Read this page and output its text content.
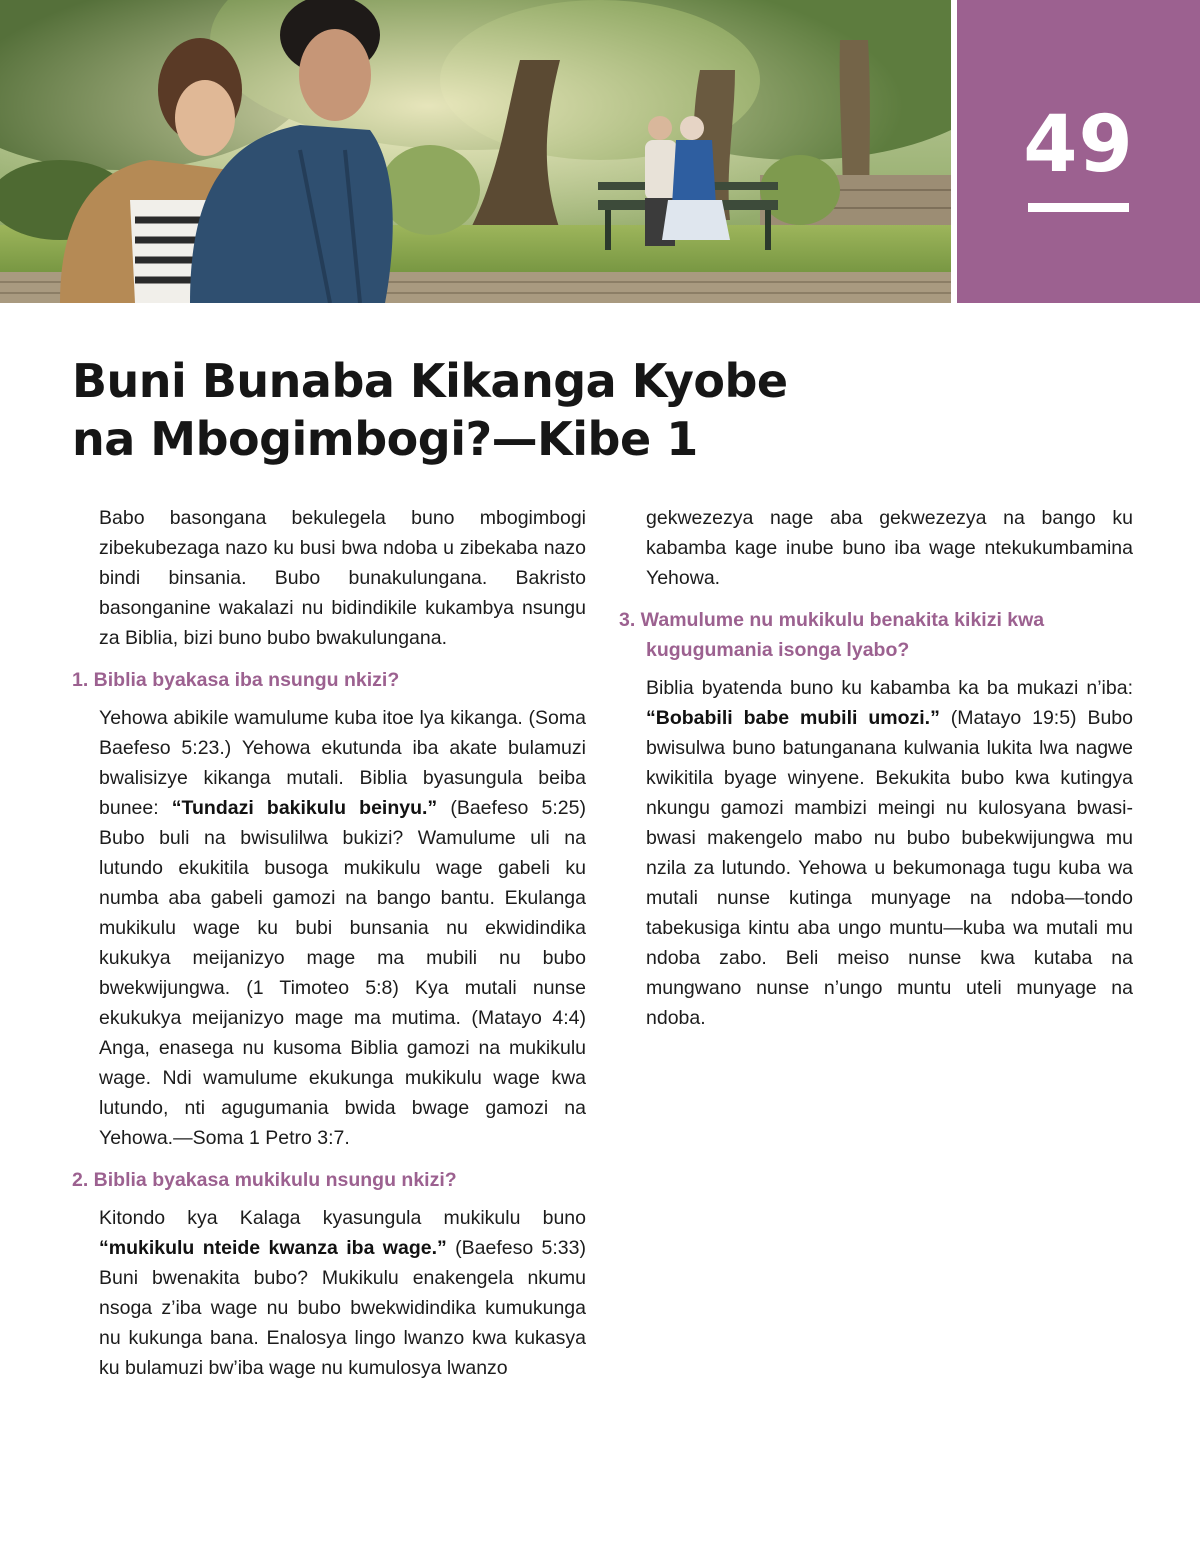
49
Buni Bunaba Kikanga Kyobe
na Mbogimbogi?—Kibe 1

Babo basongana bekulegela buno mbogimbogi zibekubezaga nazo ku busi bwa ndoba u zibekaba nazo bindi binsania. Bubo bunakulungana. Bakristo basonganine wakalazi nu bidindikile kukambya nsungu za Biblia, bizi buno bubo bwakulungana.

1. Biblia byakasa iba nsungu nkizi?

Yehowa abikile wamulume kuba itoe lya kikanga. (Soma Baefeso 5:23.) Yehowa ekutunda iba akate bulamuzi bwalisizye kikanga mutali. Biblia byasungula beiba bunee: “Tundazi bakikulu beinyu.” (Baefeso 5:25) Bubo buli na bwisulilwa bukizi? Wamulume uli na lutundo ekukitila busoga mukikulu wage gabeli ku numba aba gabeli gamozi na bango bantu. Ekulanga mukikulu wage ku bubi bunsania nu ekwidindika kukukya meijanizyo mage ma mubili nu bubo bwekwijungwa. (1 Timoteo 5:8) Kya mutali nunse ekukukya meijanizyo mage ma mutima. (Matayo 4:4) Anga, enasega nu kusoma Biblia gamozi na mukikulu wage. Ndi wamulume ekukunga mukikulu wage kwa lutundo, nti agugumania bwida bwage gamozi na Yehowa.—Soma 1 Petro 3:7.

2. Biblia byakasa mukikulu nsungu nkizi?

Kitondo kya Kalaga kyasungula mukikulu buno “mukikulu nteide kwanza iba wage.” (Baefeso 5:33) Buni bwenakita bubo? Mukikulu enakengela nkumu nsoga z’iba wage nu bubo bwekwidindika kumukunga nu kukunga bana. Enalosya lingo lwanzo kwa kukasya ku bulamuzi bw’iba wage nu kumulosya lwanzo

gekwezezya nage aba gekwezezya na bango ku kabamba kage inube buno iba wage ntekukumbamina Yehowa.

3. Wamulume nu mukikulu benakita kikizi kwa kugugumania isonga lyabo?

Biblia byatenda buno ku kabamba ka ba mukazi n’iba: “Bobabili babe mubili umozi.” (Matayo 19:5) Bubo bwisulwa buno batunganana kulwania lukita lwa nagwe kwikitila byage winyene. Bekukita bubo kwa kutingya nkungu gamozi mambizi meingi nu kulosyana bwasi-bwasi makengelo mabo nu bubo bubekwijungwa mu nzila za lutundo. Yehowa u bekumonaga tugu kuba wa mutali nunse kutinga munyage na ndoba—tondo tabekusiga kintu aba ungo muntu—kuba wa mutali mu ndoba zabo. Beli meiso nunse kwa kutaba na mungwano nunse n’ungo muntu uteli munyage na ndoba.
